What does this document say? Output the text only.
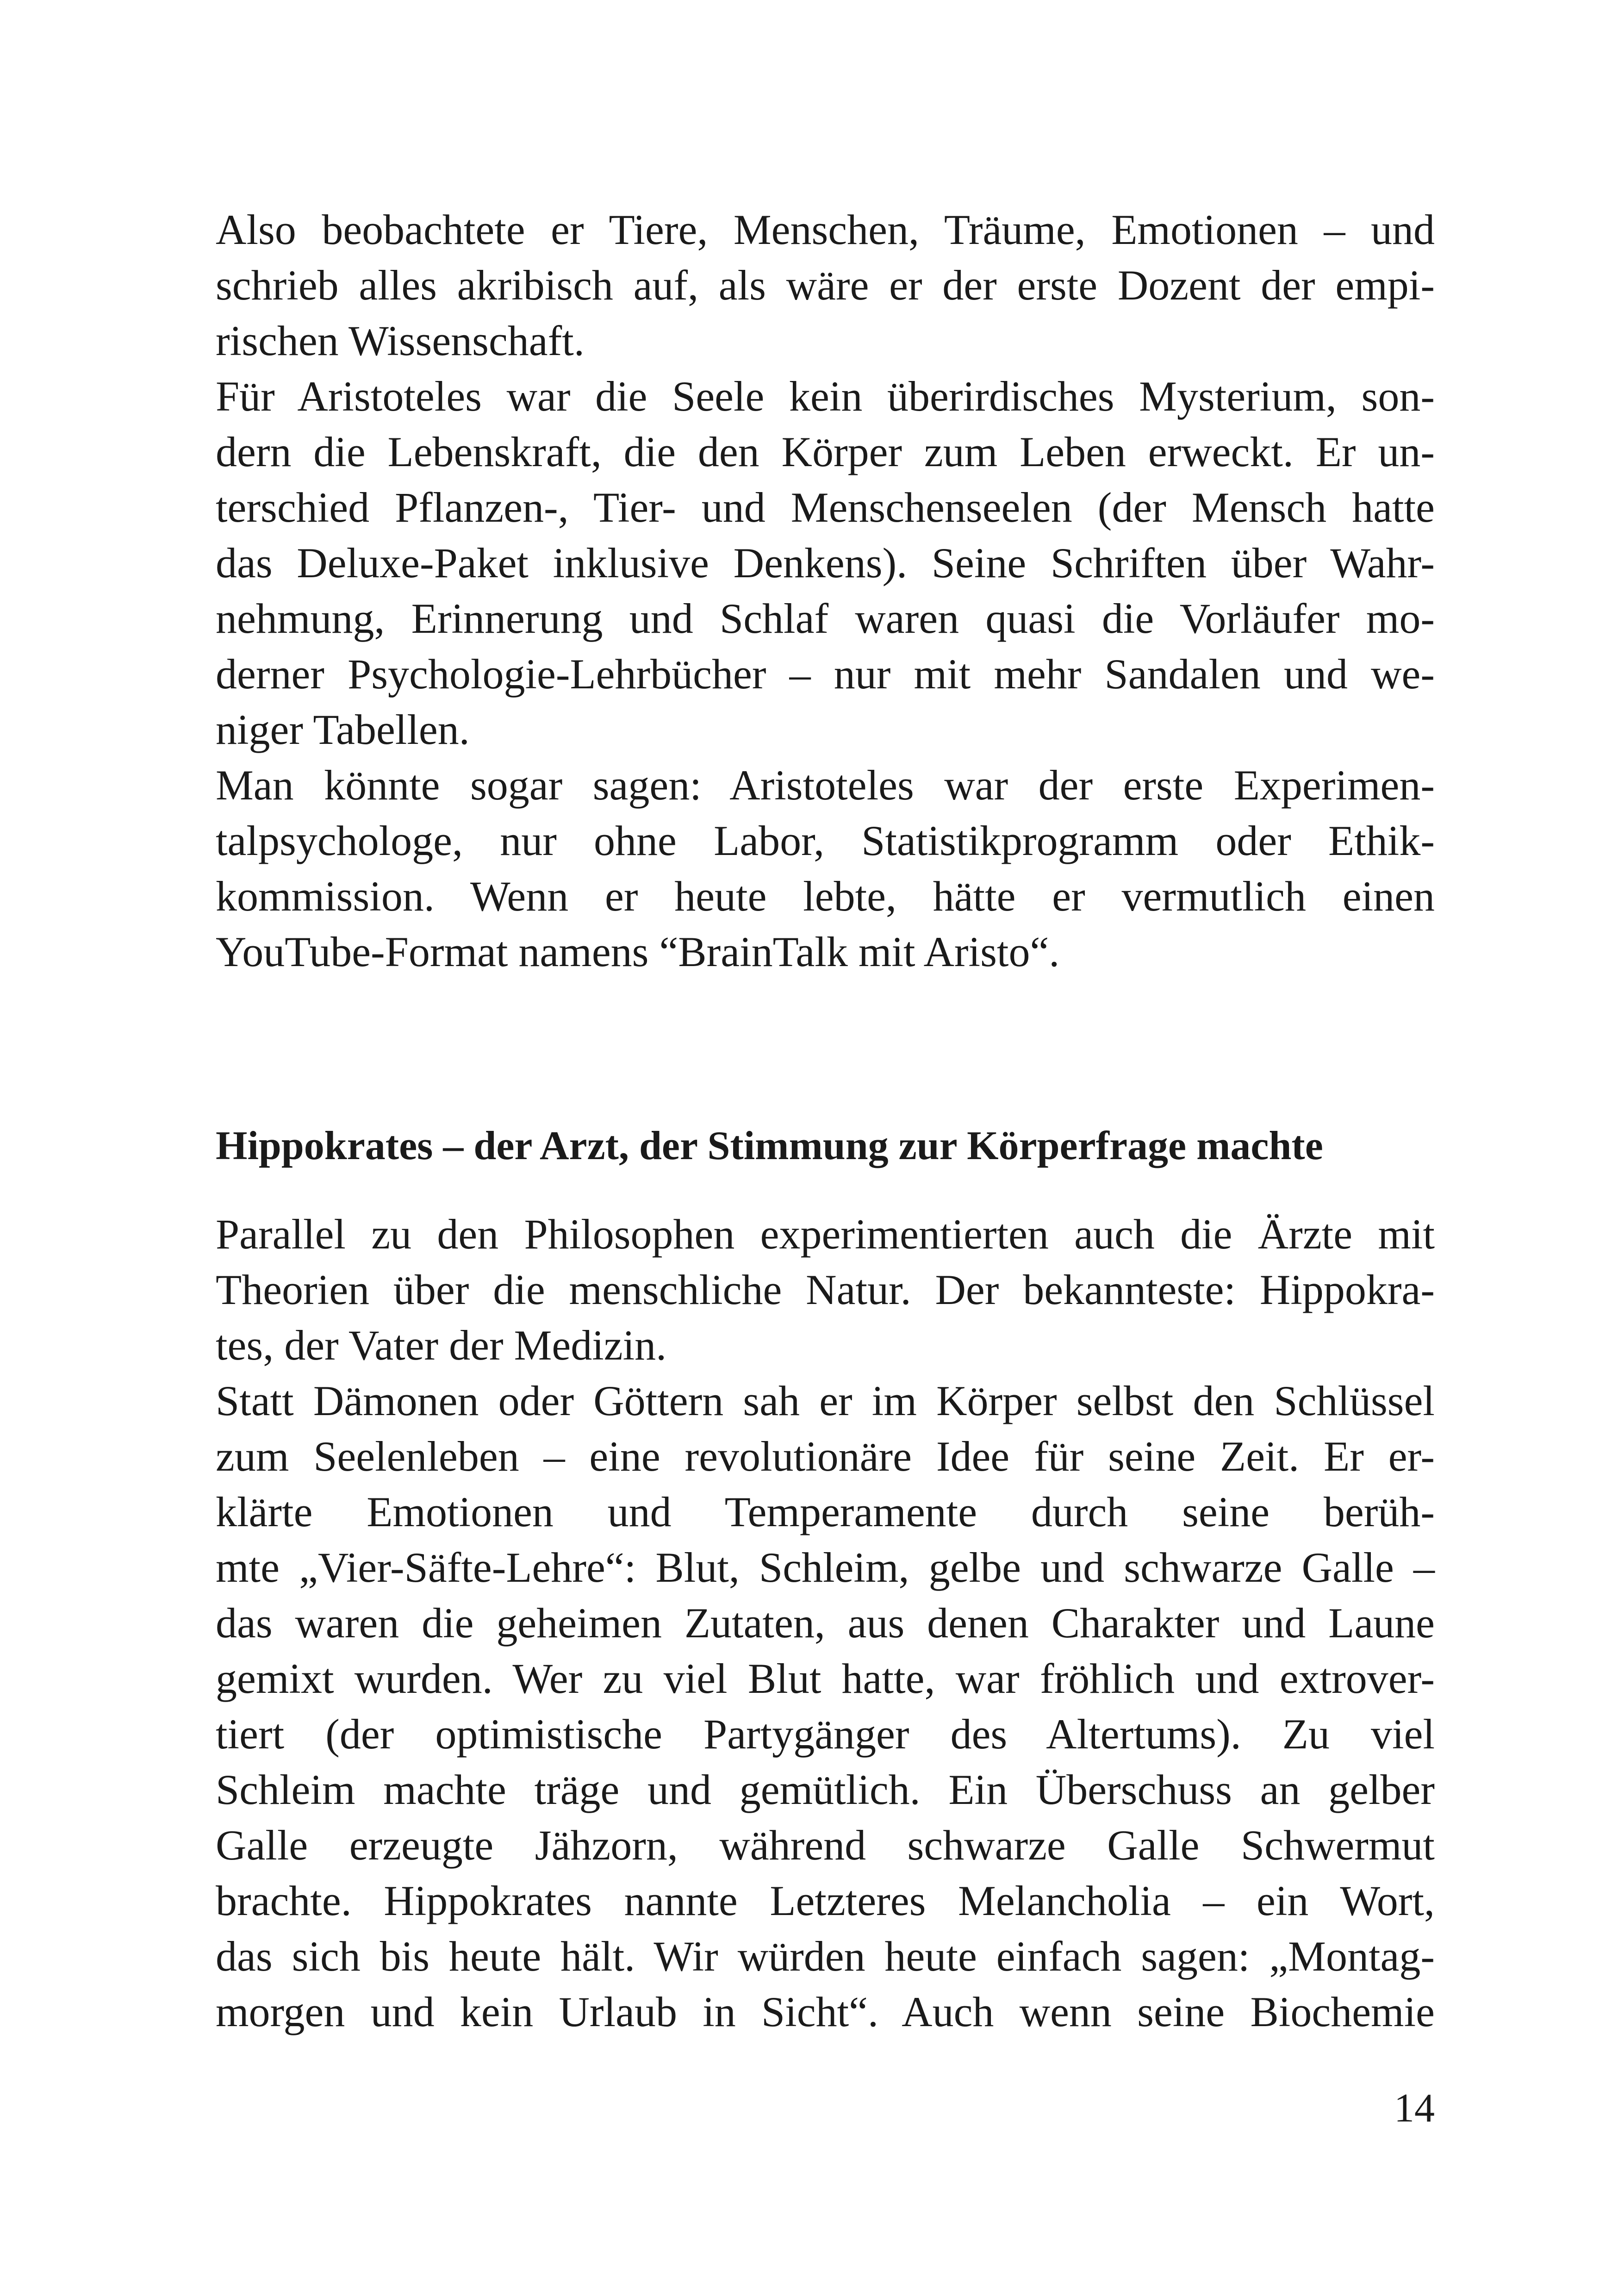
Also beobachtete er Tiere, Menschen, Träume, Emotionen – und
schrieb alles akribisch auf, als wäre er der erste Dozent der empi-
rischen Wissenschaft.
Für Aristoteles war die Seele kein überirdisches Mysterium, son-
dern die Lebenskraft, die den Körper zum Leben erweckt. Er un-
terschied Pflanzen-, Tier- und Menschenseelen (der Mensch hatte
das Deluxe-Paket inklusive Denkens). Seine Schriften über Wahr-
nehmung, Erinnerung und Schlaf waren quasi die Vorläufer mo-
derner Psychologie-Lehrbücher – nur mit mehr Sandalen und we-
niger Tabellen.
Man könnte sogar sagen: Aristoteles war der erste Experimen-
talpsychologe, nur ohne Labor, Statistikprogramm oder Ethik-
kommission. Wenn er heute lebte, hätte er vermutlich einen
YouTube-Format namens “BrainTalk mit Aristo“.
Hippokrates – der Arzt, der Stimmung zur Körperfrage machte
Parallel zu den Philosophen experimentierten auch die Ärzte mit
Theorien über die menschliche Natur. Der bekannteste: Hippokra-
tes, der Vater der Medizin.
Statt Dämonen oder Göttern sah er im Körper selbst den Schlüssel
zum Seelenleben – eine revolutionäre Idee für seine Zeit. Er er-
klärte Emotionen und Temperamente durch seine berüh-
mte „Vier-Säfte-Lehre“: Blut, Schleim, gelbe und schwarze Galle –
das waren die geheimen Zutaten, aus denen Charakter und Laune
gemixt wurden. Wer zu viel Blut hatte, war fröhlich und extrover-
tiert (der optimistische Partygänger des Altertums). Zu viel
Schleim machte träge und gemütlich. Ein Überschuss an gelber
Galle erzeugte Jähzorn, während schwarze Galle Schwermut
brachte. Hippokrates nannte Letzteres Melancholia – ein Wort,
das sich bis heute hält. Wir würden heute einfach sagen: „Montag-
morgen und kein Urlaub in Sicht“. Auch wenn seine Biochemie
14
